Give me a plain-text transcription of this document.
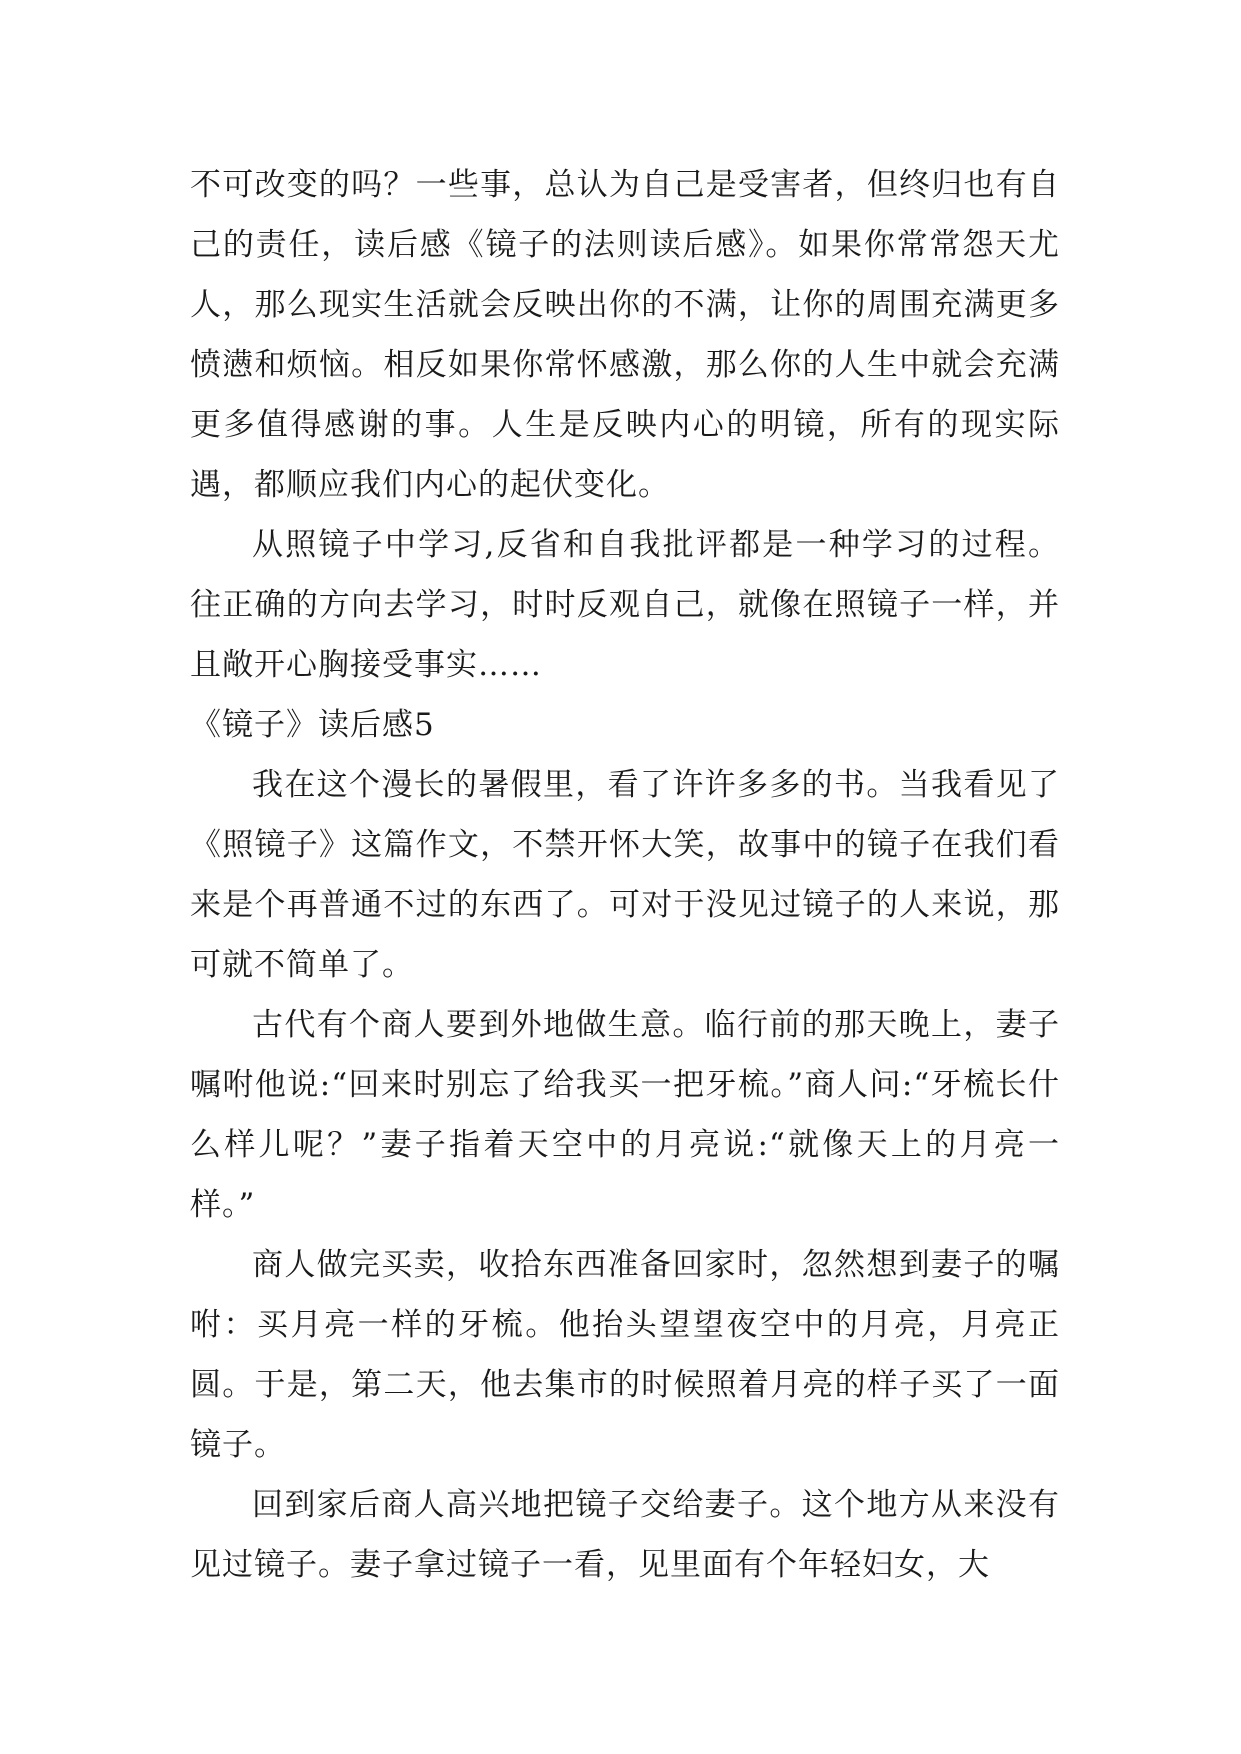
不可改变的吗？一些事，总认为自己是受害者，但终归也有自己的责任，读后感《镜子的法则读后感》。如果你常常怨天尤人，那么现实生活就会反映出你的不满，让你的周围充满更多愤懑和烦恼。相反如果你常怀感激，那么你的人生中就会充满更多值得感谢的事。人生是反映内心的明镜，所有的现实际遇，都顺应我们内心的起伏变化。

从照镜子中学习,反省和自我批评都是一种学习的过程。往正确的方向去学习，时时反观自己，就像在照镜子一样，并且敞开心胸接受事实……

《镜子》读后感5

我在这个漫长的暑假里，看了许许多多的书。当我看见了《照镜子》这篇作文，不禁开怀大笑，故事中的镜子在我们看来是个再普通不过的东西了。可对于没见过镜子的人来说，那可就不简单了。

古代有个商人要到外地做生意。临行前的那天晚上，妻子嘱咐他说:“回来时别忘了给我买一把牙梳。”商人问:“牙梳长什么样儿呢？”妻子指着天空中的月亮说:“就像天上的月亮一样。”

商人做完买卖，收拾东西准备回家时，忽然想到妻子的嘱咐：买月亮一样的牙梳。他抬头望望夜空中的月亮，月亮正圆。于是，第二天，他去集市的时候照着月亮的样子买了一面镜子。

回到家后商人高兴地把镜子交给妻子。这个地方从来没有见过镜子。妻子拿过镜子一看，见里面有个年轻妇女，大
